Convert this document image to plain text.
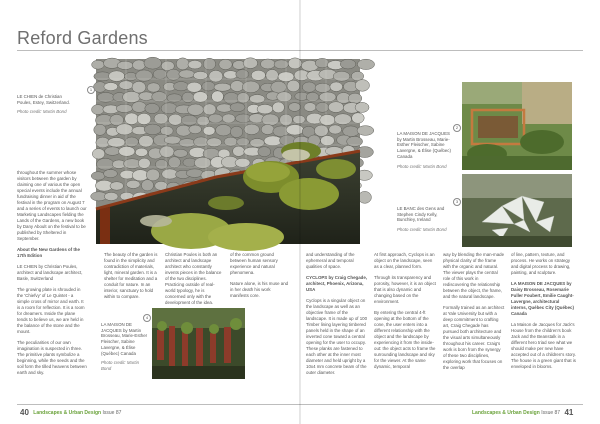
Reford Gardens
LE CHIEN de Christian Poules, Estey, Switzerland.
Photo credit: Martin Bond
1

throughout the summer whose visitors between the garden by claiming one of various the open special events include the annual fundraising dinner in aid of the festival in the program on August 7 and a series of events to launch our Marketing Landscapes fielding the Lands of the Gardens, a new book by Dany Aboult on the festival to be published by Sheltered in September.

About the New Gardens of the 17th Edition

LE CHIEN by Christian Poules, architect and landscape architect, Basle, Switzerland

The growing plate is shrouded in the 'Chiefvy' of Le Quintet - a simple cross of mirror and earth. It is a room for reflection. It is a room for dreamers. Inside the plane tends to believe us, we are held in the balance of the stone and the mount.

The peculiarities of our own imagination is suspected in three. The primitive plants symbolize a beginning, while the seeds and the soil form the tilled heavens between earth and sky.

The beauty of the garden is found in the simplicity and contradiction of materials, light, mineral garden. It is a shelter for meditation and a conduit for nature. In an interior, sanctuary to hold within to compare.

Christian Poules is both an architect and landscape architect who constantly invents pieces in the balance of the two disciplines. Practicing outside of real-world typology, he is concerned only with the development of the idea.

of the common ground between human sensory experience and natural phenomena.

Nature alone, is his muse and in her death his work manifests core.

LA MAISON DE JACQUES by Martin Brosseau, Marie-Esther Fleischer, Sabine Lavergne, & Élise (Québec) Canada
Photo credit: Martin Bond
4
LA MAISON DE JACQUES by Martin Brosseau, Marie-Esther Fleischer, Sabine Lavergne, & Élise (Québec) Canada
Photo credit: Martin Bond
2
LE BANC des Gens and Stephen Cindy Kelly, Bunchley, Ireland
Photo credit: Martin Bond
3

and understanding of the ephemeral and temporal qualities of space.

CYCLOPS by Craig Chegade, architect, Phoenix, Arizona, USA

Cyclops is a singular object on the landscape as well as an objective frame of the landscape. It is made up of 100 Timber lining layering timbered panels held in the shape of an inverted cone toward a central opening for the user to occupy. These planks are fastened to each other at the inner most diameter and held upright by a 10x4 mm concrete beam of the outer diameter.

At first approach, Cyclops is an object on the landscape, seen as a clear, planned form.

Through its transparency and porosity, however, it is an object that is also dynamic and changing based on the environment.

By entering the central 4-ft opening at the bottom of the cone, the user enters into a different relationship with the object and the landscape by experiencing it from the inside-out: the object acts to frame the surrounding landscape and sky for the viewer. At the same dynamic, temporal

way by blending the man-made physical clarity of the frame with the organic and natural. The viewer plays the central role of this work in rediscovering the relationship between the object, the frame, and the natural landscape.

Formally trained as an architect at Yale University but with a deep commitment to crafting art, Craig Chegade has pursued both architecture and the visual arts simultaneously throughout his career. Craig's work is born from the synergy of these two disciplines, exploring work that focuses on the overlap

of line, pattern, texture, and process. He works on strategy and digital process to drawing, painting, and sculpture.

LA MAISON DE JACQUES by Daisy Brosseau, Rosemarie Fuller Foubert, Emilie Caught-Lavergne, architectural interns, Québec City (Québec) Canada

La Maison de Jacques for Jack's House from the children's book Jack and the Beanstalk in a different hero triad see what we should make per new have accepted out of a children's story. The house is a green giant that is enveloped in blooms.

40 Landscapes & Urban Design Issue 87	Landscapes & Urban Design Issue 87 41
